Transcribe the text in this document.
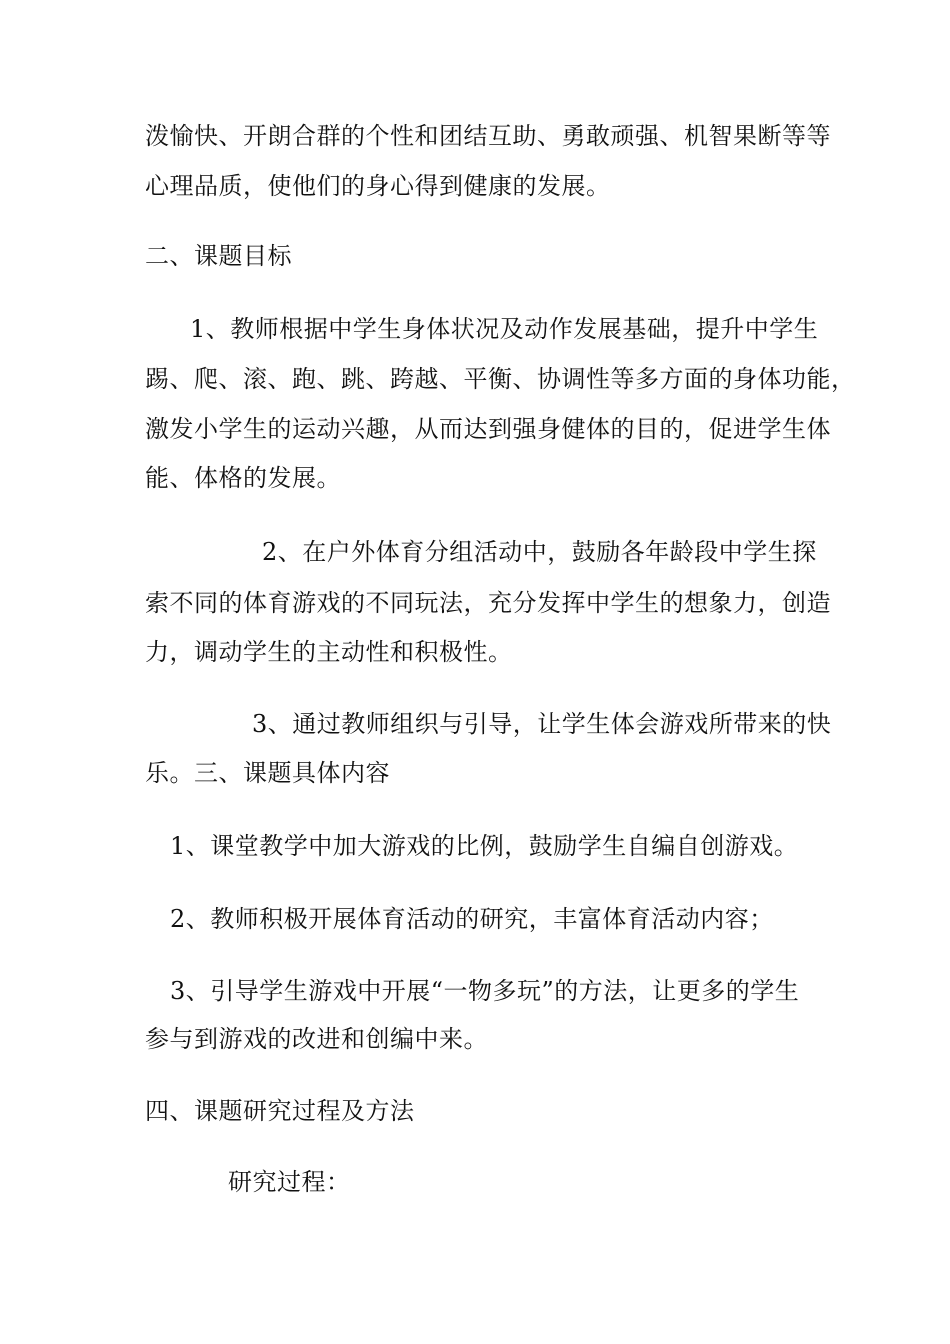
泼愉快、开朗合群的个性和团结互助、勇敢顽强、机智果断等等
心理品质，使他们的身心得到健康的发展。
二、课题目标
1、教师根据中学生身体状况及动作发展基础，提升中学生
踢、爬、滚、跑、跳、跨越、平衡、协调性等多方面的身体功能，
激发小学生的运动兴趣，从而达到强身健体的目的，促进学生体
能、体格的发展。
2、在户外体育分组活动中，鼓励各年龄段中学生探
索不同的体育游戏的不同玩法，充分发挥中学生的想象力，创造
力，调动学生的主动性和积极性。
3、通过教师组织与引导，让学生体会游戏所带来的快
乐。三、课题具体内容
1、课堂教学中加大游戏的比例，鼓励学生自编自创游戏。
2、教师积极开展体育活动的研究，丰富体育活动内容；
3、引导学生游戏中开展“一物多玩”的方法，让更多的学生
参与到游戏的改进和创编中来。
四、课题研究过程及方法
研究过程：
